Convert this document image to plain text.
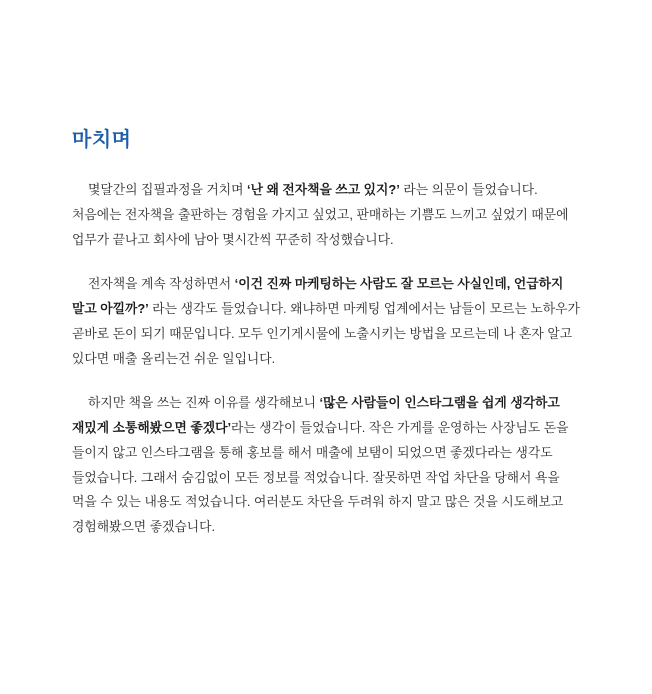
마치며

몇달간의 집필과정을 거치며 ‘난 왜 전자책을 쓰고 있지?’ 라는 의문이 들었습니다. 처음에는 전자책을 출판하는 경험을 가지고 싶었고, 판매하는 기쁨도 느끼고 싶었기 때문에 업무가 끝나고 회사에 남아 몇시간씩 꾸준히 작성했습니다.

전자책을 계속 작성하면서 ‘이건 진짜 마케팅하는 사람도 잘 모르는 사실인데, 언급하지 말고 아낄까?’ 라는 생각도 들었습니다. 왜냐하면 마케팅 업계에서는 남들이 모르는 노하우가 곧바로 돈이 되기 때문입니다. 모두 인기게시물에 노출시키는 방법을 모르는데 나 혼자 알고 있다면 매출 올리는건 쉬운 일입니다.

하지만 책을 쓰는 진짜 이유를 생각해보니 ‘많은 사람들이 인스타그램을 쉽게 생각하고 재밌게 소통해봤으면 좋겠다’라는 생각이 들었습니다. 작은 가게를 운영하는 사장님도 돈을 들이지 않고 인스타그램을 통해 홍보를 해서 매출에 보탬이 되었으면 좋겠다라는 생각도 들었습니다. 그래서 숨김없이 모든 정보를 적었습니다. 잘못하면 작업 차단을 당해서 욕을 먹을 수 있는 내용도 적었습니다. 여러분도 차단을 두려워 하지 말고 많은 것을 시도해보고 경험해봤으면 좋겠습니다.
